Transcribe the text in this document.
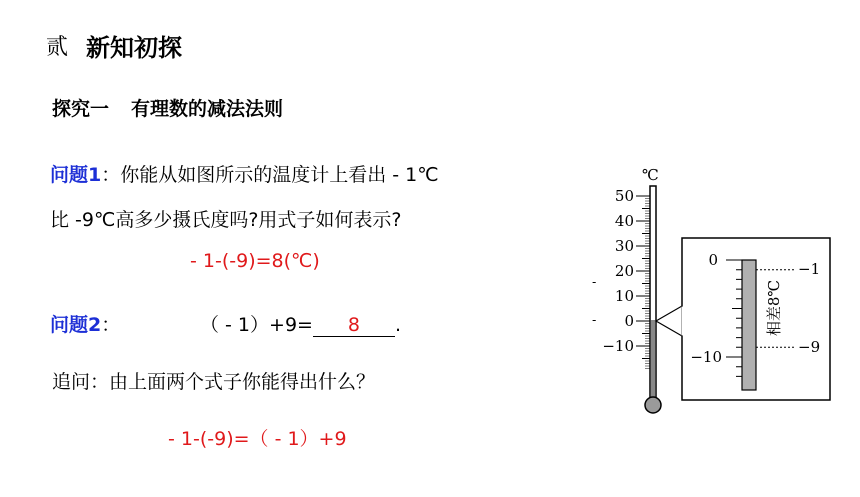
贰 新知初探
探究一 有理数的减法法则
问题1：你能从如图所示的温度计上看出 - 1℃
比 -9℃高多少摄氏度吗?用式子如何表示?
- 1-(-9)=8(℃)
问题2：	（ - 1）+9= 8 .
追问：由上面两个式子你能得出什么？
- 1-(-9)=（ - 1）+9
-
-
℃
50
40
30
20
10
0
−10
0
−10
−1
−9
相差8℃
